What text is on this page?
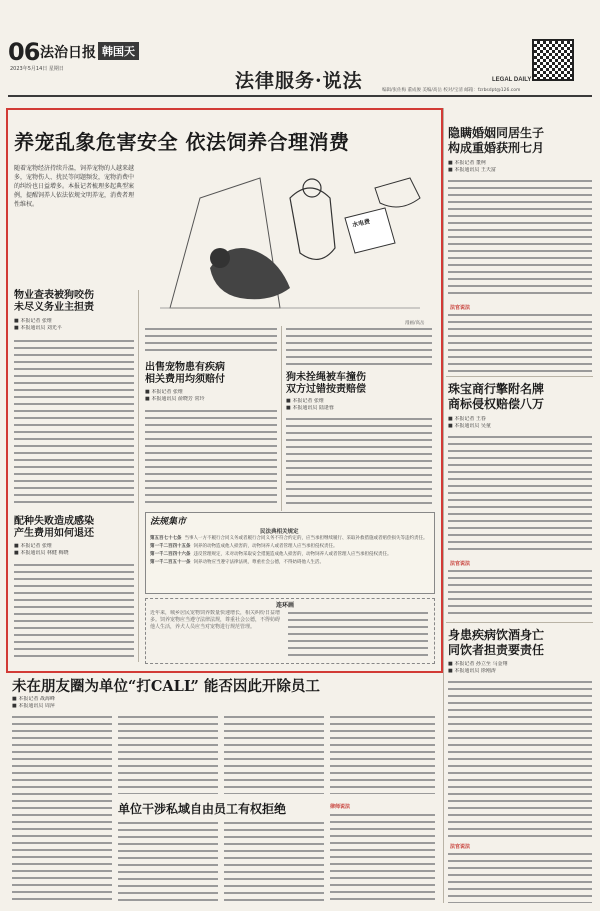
06 法治日报 韩国天
2023年5月14日 星期日
法律服务·说法	编辑/张佐梅 董成俊 美编/高岳 校对/宝清 邮箱：fzrbsdpt@126.com
LEGAL DAILY
养宠乱象危害安全 依法饲养合理消费
随着宠物经济持续升温，饲养宠物的人越来越多，宠物伤人、扰民等问题频发，宠物消费中的纠纷也日益增多。本报记者梳理多起典型案例，提醒饲养人依法依规文明养宠，消费者理性维权。
水电费
漫画/高岳
物业查表被狗咬伤
未尽义务业主担责
■ 本报记者 张维
■ 本报通讯员 刘光平
配种失败造成感染
产生费用如何退还
■ 本报记者 张维
■ 本报通讯员 林健 梅晓
出售宠物患有疾病
相关费用均须赔付
■ 本报记者 张维
■ 本报通讯员 俞晓芳 常玲
狗未拴绳被车撞伤
双方过错按责赔偿
■ 本报记者 张维
■ 本报通讯员 陆逢蓉
法规集市
民法典相关规定
第五百七十七条 当事人一方不履行合同义务或者履行合同义务不符合约定的，应当承担继续履行、采取补救措施或者赔偿损失等违约责任。
第一千二百四十五条 饲养的动物造成他人损害的，动物饲养人或者管理人应当承担侵权责任。
第一千二百四十六条 违反管理规定，未对动物采取安全措施造成他人损害的，动物饲养人或者管理人应当承担侵权责任。
第一千二百五十一条 饲养动物应当遵守法律法规，尊重社会公德，不得妨碍他人生活。
连环画
近年来，城乡居民宠物饲养数量快速增长，相关纠纷日益增多。饲养宠物应当遵守法律法规，尊重社会公德，不得妨碍他人生活，养犬人员应当对宠物进行规范管理。
隐瞒婚姻同居生子
构成重婚获刑七月
■ 本报记者 董柯
■ 本报通讯员 王天富
法官说法
珠宝商行擎附名牌
商标侵权赔偿八万
■ 本报记者 王春
■ 本报通讯员 吴童
法官说法
身患疾病饮酒身亡
同饮者担责要责任
■ 本报记者 孙立至 马金翔
■ 本报通讯员 徐刚涛
法官说法
未在朋友圈为单位“打CALL” 能否因此开除员工
■ 本报记者 战海峰
■ 本报通讯员 周萍
单位干涉私域自由员工有权拒绝	律师说法
